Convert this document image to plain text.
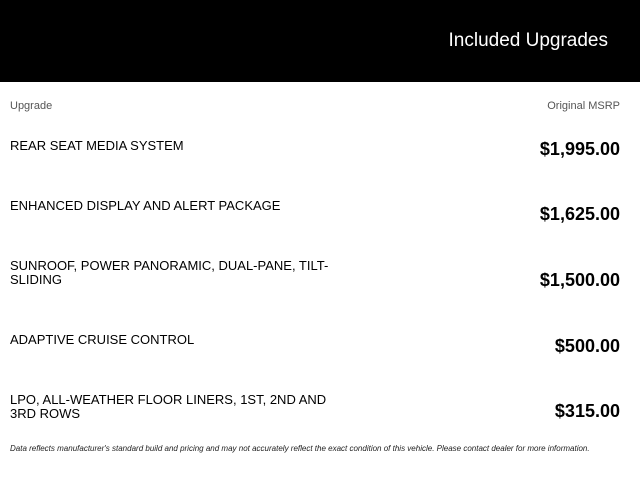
Included Upgrades
Upgrade	Original MSRP
REAR SEAT MEDIA SYSTEM	$1,995.00
ENHANCED DISPLAY AND ALERT PACKAGE	$1,625.00
SUNROOF, POWER PANORAMIC, DUAL-PANE, TILT-SLIDING	$1,500.00
ADAPTIVE CRUISE CONTROL	$500.00
LPO, ALL-WEATHER FLOOR LINERS, 1ST, 2ND AND 3RD ROWS	$315.00
Data reflects manufacturer's standard build and pricing and may not accurately reflect the exact condition of this vehicle. Please contact dealer for more information.
